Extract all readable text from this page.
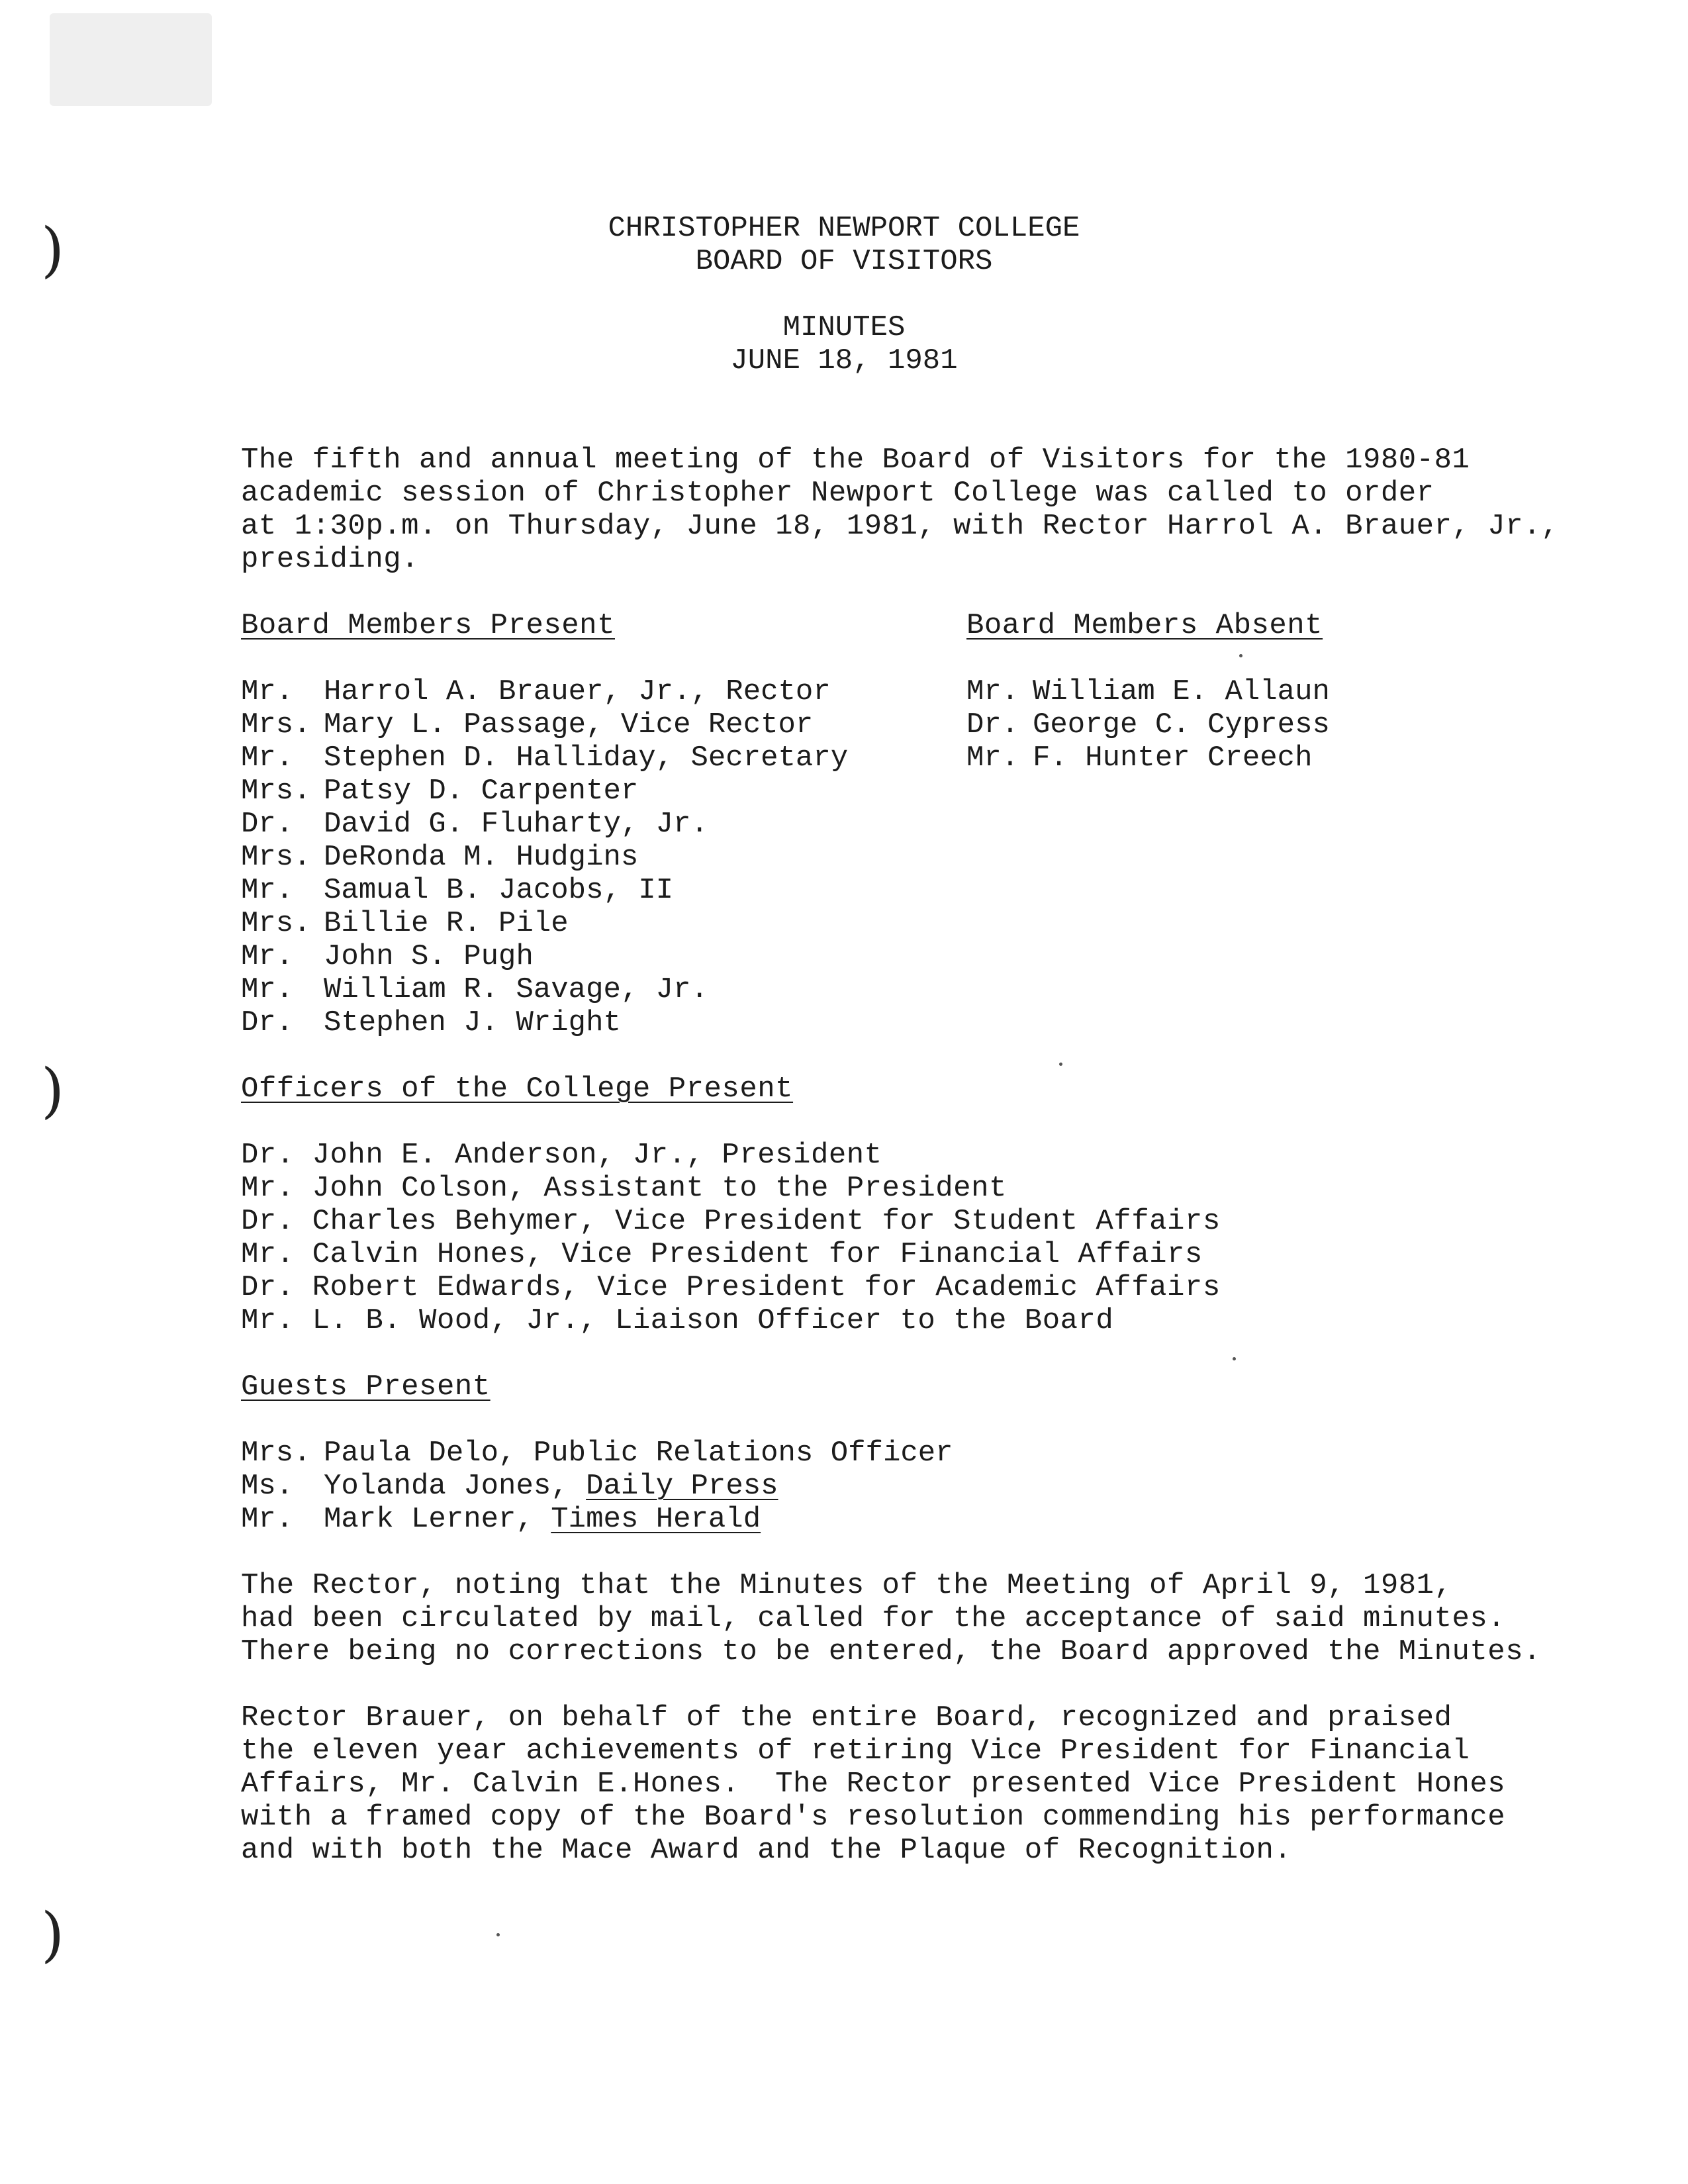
)
)
)
CHRISTOPHER NEWPORT COLLEGE
BOARD OF VISITORS
MINUTES
JUNE 18, 1981
The fifth and annual meeting of the Board of Visitors for the 1980-81
academic session of Christopher Newport College was called to order
at 1:30p.m. on Thursday, June 18, 1981, with Rector Harrol A. Brauer, Jr.,
presiding.
Board Members Present
Mr. Harrol A. Brauer, Jr., Rector
Mrs. Mary L. Passage, Vice Rector
Mr. Stephen D. Halliday, Secretary
Mrs. Patsy D. Carpenter
Dr. David G. Fluharty, Jr.
Mrs. DeRonda M. Hudgins
Mr. Samual B. Jacobs, II
Mrs. Billie R. Pile
Mr. John S. Pugh
Mr. William R. Savage, Jr.
Dr. Stephen J. Wright
Board Members Absent
Mr. William E. Allaun
Dr. George C. Cypress
Mr. F. Hunter Creech
Officers of the College Present
Dr. John E. Anderson, Jr., President
Mr. John Colson, Assistant to the President
Dr. Charles Behymer, Vice President for Student Affairs
Mr. Calvin Hones, Vice President for Financial Affairs
Dr. Robert Edwards, Vice President for Academic Affairs
Mr. L. B. Wood, Jr., Liaison Officer to the Board
Guests Present
Mrs. Paula Delo, Public Relations Officer
Ms. Yolanda Jones, Daily Press
Mr. Mark Lerner, Times Herald
The Rector, noting that the Minutes of the Meeting of April 9, 1981,
had been circulated by mail, called for the acceptance of said minutes.
There being no corrections to be entered, the Board approved the Minutes.
Rector Brauer, on behalf of the entire Board, recognized and praised
the eleven year achievements of retiring Vice President for Financial
Affairs, Mr. Calvin E.Hones.  The Rector presented Vice President Hones
with a framed copy of the Board's resolution commending his performance
and with both the Mace Award and the Plaque of Recognition.
